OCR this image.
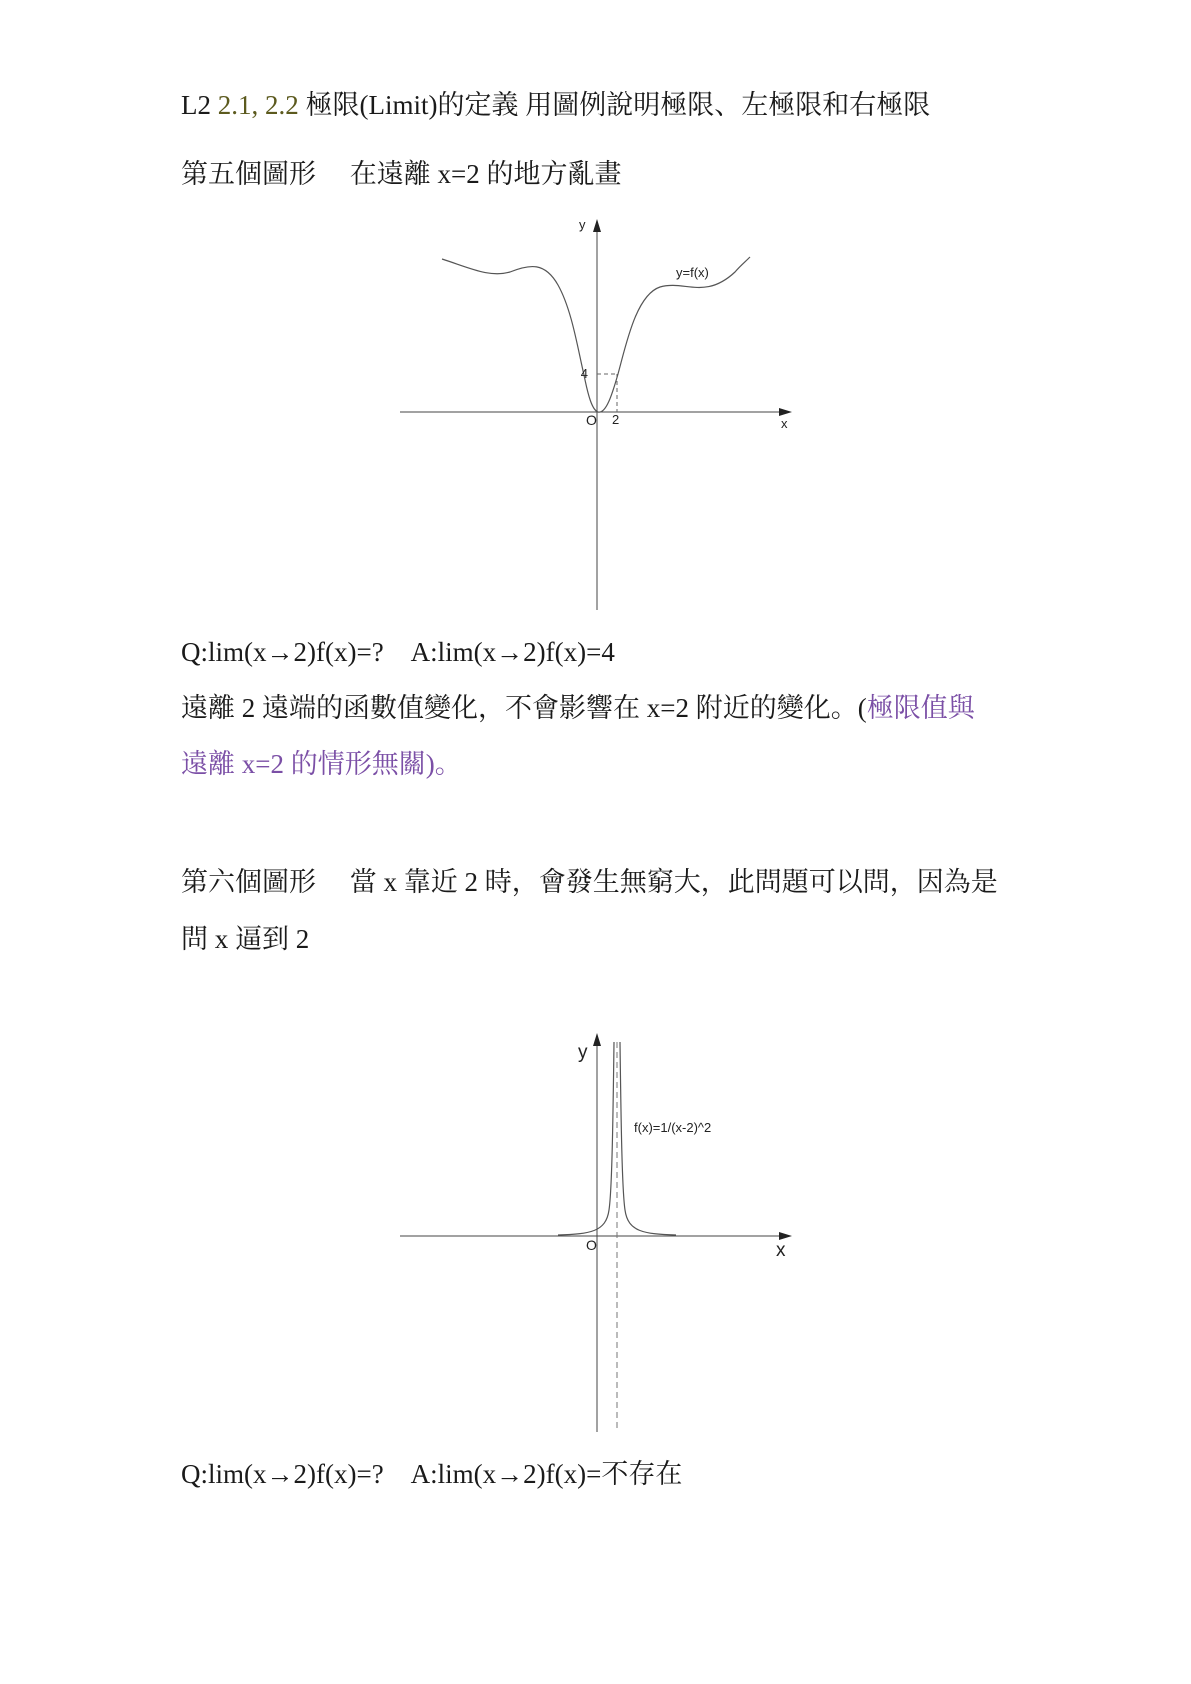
L2 2.1, 2.2 極限(Limit)的定義 用圖例說明極限、左極限和右極限
第五個圖形　 在遠離 x=2 的地方亂畫
Q:lim(x→2)f(x)=?　A:lim(x→2)f(x)=4
遠離 2 遠端的函數值變化，不會影響在 x=2 附近的變化。(極限值與
遠離 x=2 的情形無關)。
第六個圖形　 當 x 靠近 2 時，會發生無窮大，此問題可以問，因為是
問 x 逼到 2
Q:lim(x→2)f(x)=?　A:lim(x→2)f(x)=不存在
y
x
O 2
4
y=f(x)
y
x
O
f(x)=1/(x-2)^2
